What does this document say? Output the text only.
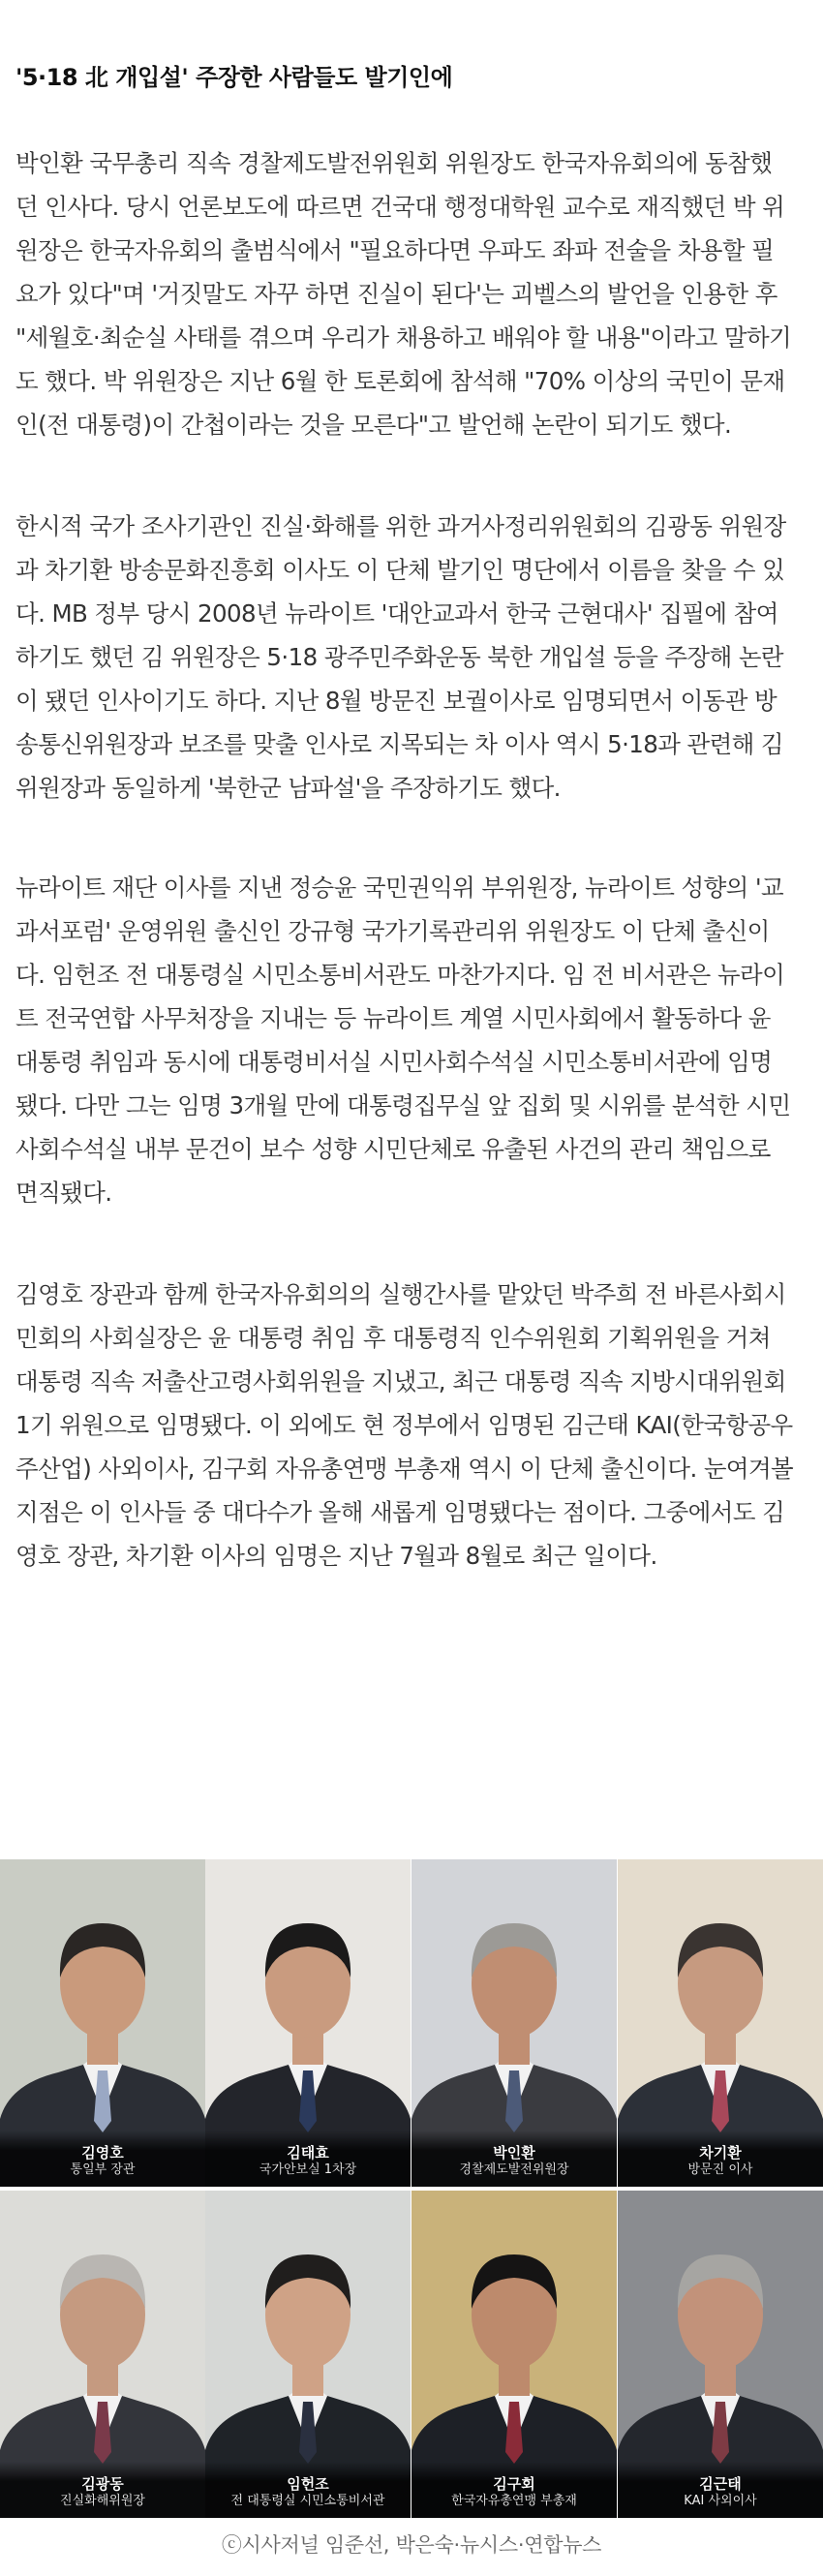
'5·18 北 개입설' 주장한 사람들도 발기인에

박인환 국무총리 직속 경찰제도발전위원회 위원장도 한국자유회의에 동참했던 인사다. 당시 언론보도에 따르면 건국대 행정대학원 교수로 재직했던 박 위원장은 한국자유회의 출범식에서 "필요하다면 우파도 좌파 전술을 차용할 필요가 있다"며 '거짓말도 자꾸 하면 진실이 된다'는 괴벨스의 발언을 인용한 후 "세월호·최순실 사태를 겪으며 우리가 채용하고 배워야 할 내용"이라고 말하기도 했다. 박 위원장은 지난 6월 한 토론회에 참석해 "70% 이상의 국민이 문재인(전 대통령)이 간첩이라는 것을 모른다"고 발언해 논란이 되기도 했다.

한시적 국가 조사기관인 진실·화해를 위한 과거사정리위원회의 김광동 위원장과 차기환 방송문화진흥회 이사도 이 단체 발기인 명단에서 이름을 찾을 수 있다. MB 정부 당시 2008년 뉴라이트 '대안교과서 한국 근현대사' 집필에 참여하기도 했던 김 위원장은 5·18 광주민주화운동 북한 개입설 등을 주장해 논란이 됐던 인사이기도 하다. 지난 8월 방문진 보궐이사로 임명되면서 이동관 방송통신위원장과 보조를 맞출 인사로 지목되는 차 이사 역시 5·18과 관련해 김 위원장과 동일하게 '북한군 남파설'을 주장하기도 했다.

뉴라이트 재단 이사를 지낸 정승윤 국민권익위 부위원장, 뉴라이트 성향의 '교과서포럼' 운영위원 출신인 강규형 국가기록관리위 위원장도 이 단체 출신이다. 임헌조 전 대통령실 시민소통비서관도 마찬가지다. 임 전 비서관은 뉴라이트 전국연합 사무처장을 지내는 등 뉴라이트 계열 시민사회에서 활동하다 윤 대통령 취임과 동시에 대통령비서실 시민사회수석실 시민소통비서관에 임명됐다. 다만 그는 임명 3개월 만에 대통령집무실 앞 집회 및 시위를 분석한 시민사회수석실 내부 문건이 보수 성향 시민단체로 유출된 사건의 관리 책임으로 면직됐다.

김영호 장관과 함께 한국자유회의의 실행간사를 맡았던 박주희 전 바른사회시민회의 사회실장은 윤 대통령 취임 후 대통령직 인수위원회 기획위원을 거쳐 대통령 직속 저출산고령사회위원을 지냈고, 최근 대통령 직속 지방시대위원회 1기 위원으로 임명됐다. 이 외에도 현 정부에서 임명된 김근태 KAI(한국항공우주산업) 사외이사, 김구회 자유총연맹 부총재 역시 이 단체 출신이다. 눈여겨볼 지점은 이 인사들 중 대다수가 올해 새롭게 임명됐다는 점이다. 그중에서도 김영호 장관, 차기환 이사의 임명은 지난 7월과 8월로 최근 일이다.

김영호
통일부 장관
김태효
국가안보실 1차장
박인환
경찰제도발전위원장
차기환
방문진 이사
김광동
진실화해위원장
임헌조
전 대통령실 시민소통비서관
김구회
한국자유총연맹 부총재
김근태
KAI 사외이사
ⓒ시사저널 임준선, 박은숙·뉴시스·연합뉴스
